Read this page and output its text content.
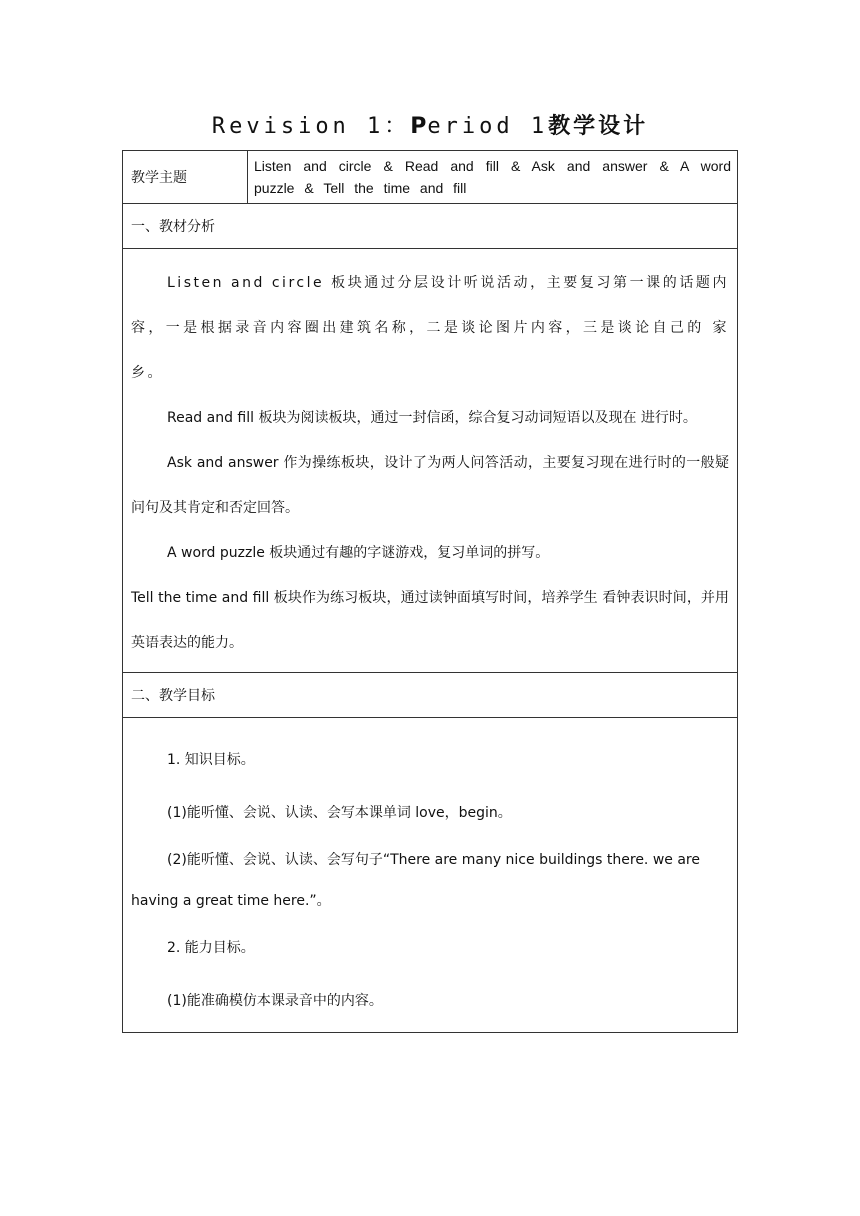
Revision 1：Period 1教学设计
教学主题	Listen and circle & Read and fill & Ask and answer & A word puzzle & Tell the time and fill
一、教材分析

Listen and circle 板块通过分层设计听说活动，主要复习第一课的话题内容，一是根据录音内容圈出建筑名称，二是谈论图片内容，三是谈论自己的 家乡。

Read and fill 板块为阅读板块，通过一封信函，综合复习动词短语以及现在 进行时。

Ask and answer 作为操练板块，设计了为两人问答活动，主要复习现在进行时的一般疑问句及其肯定和否定回答。

A word puzzle 板块通过有趣的字谜游戏，复习单词的拼写。

Tell the time and fill 板块作为练习板块，通过读钟面填写时间，培养学生 看钟表识时间，并用英语表达的能力。

二、教学目标

1. 知识目标。

(1)能听懂、会说、认读、会写本课单词 love，begin。

(2)能听懂、会说、认读、会写句子“There are many nice buildings there. we are having a great time here.”。

2. 能力目标。

(1)能准确模仿本课录音中的内容。
